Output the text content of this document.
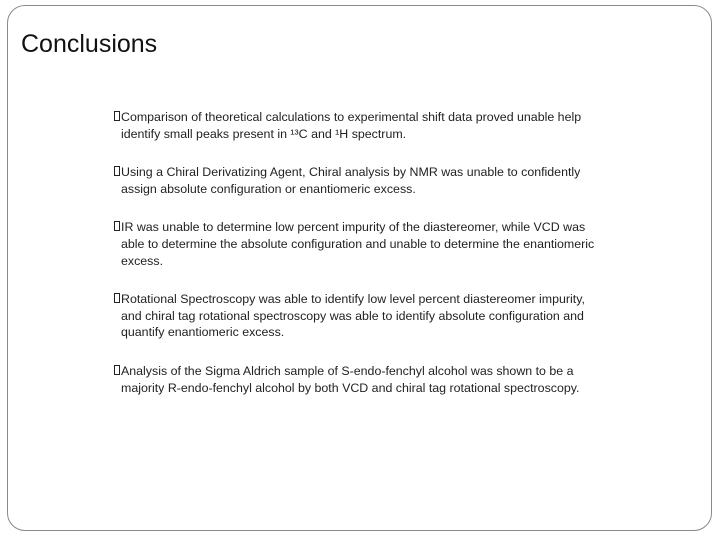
Conclusions
Comparison of theoretical calculations to experimental shift data proved unable help identify small peaks present in ¹³C and ¹H spectrum.
Using a Chiral Derivatizing Agent, Chiral analysis by NMR was unable to confidently assign absolute configuration or enantiomeric excess.
IR was unable to determine low percent impurity of the diastereomer, while VCD was able to determine the absolute configuration and unable to determine the enantiomeric excess.
Rotational Spectroscopy was able to identify low level percent diastereomer impurity, and chiral tag rotational spectroscopy was able to identify absolute configuration and quantify enantiomeric excess.
Analysis of the Sigma Aldrich sample of S-endo-fenchyl alcohol was shown to be a majority R-endo-fenchyl alcohol by both VCD and chiral tag rotational spectroscopy.
